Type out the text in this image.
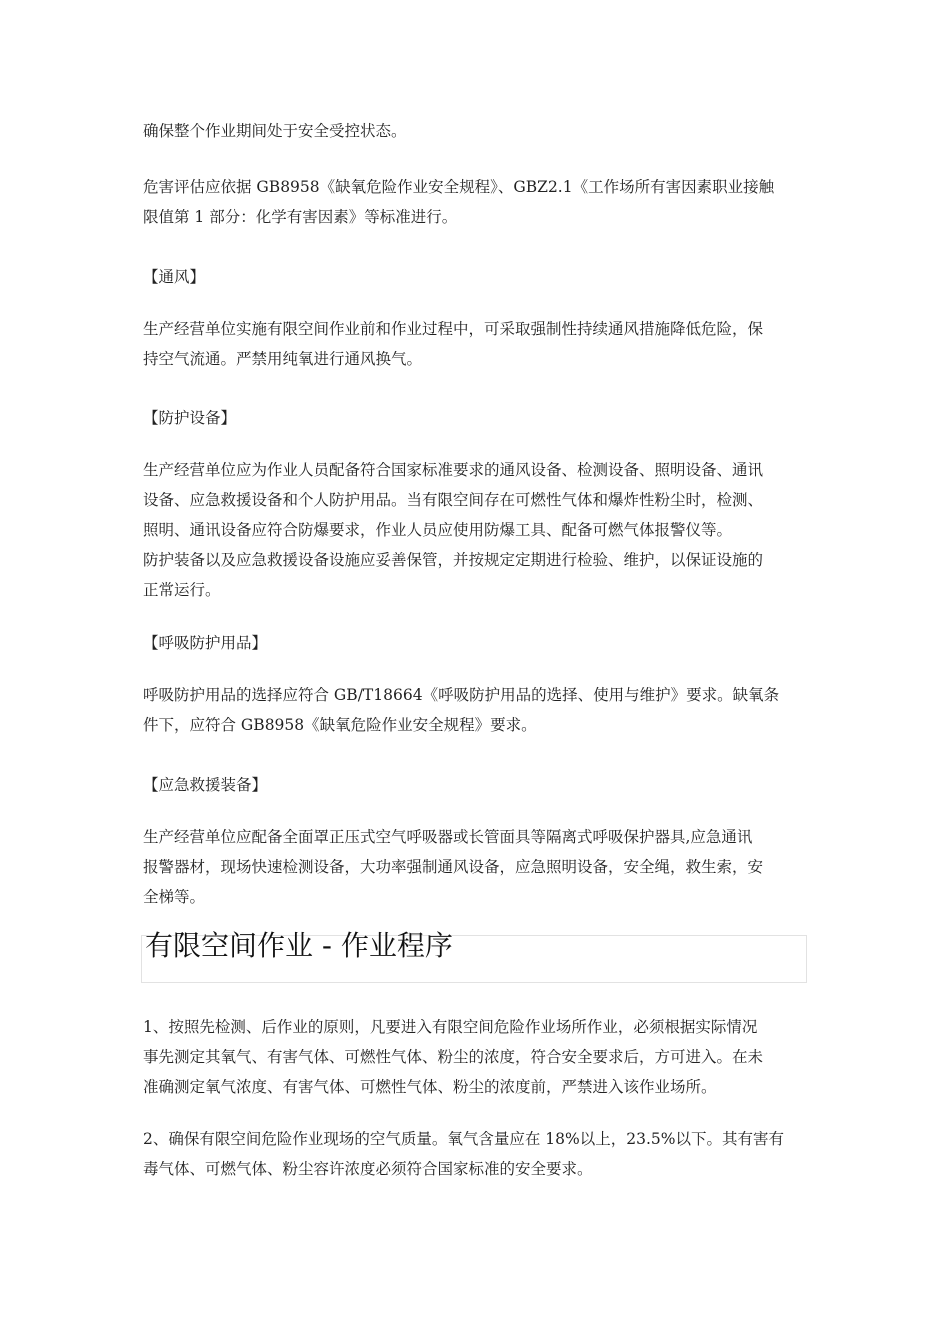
确保整个作业期间处于安全受控状态。
危害评估应依据 GB8958《缺氧危险作业安全规程》、GBZ2.1《工作场所有害因素职业接触
限值第 1 部分：化学有害因素》等标准进行。
【通风】
生产经营单位实施有限空间作业前和作业过程中，可采取强制性持续通风措施降低危险，保
持空气流通。严禁用纯氧进行通风换气。
【防护设备】
生产经营单位应为作业人员配备符合国家标准要求的通风设备、检测设备、照明设备、通讯
设备、应急救援设备和个人防护用品。当有限空间存在可燃性气体和爆炸性粉尘时，检测、
照明、通讯设备应符合防爆要求，作业人员应使用防爆工具、配备可燃气体报警仪等。
防护装备以及应急救援设备设施应妥善保管，并按规定定期进行检验、维护，以保证设施的
正常运行。
【呼吸防护用品】
呼吸防护用品的选择应符合 GB/T18664《呼吸防护用品的选择、使用与维护》要求。缺氧条
件下，应符合 GB8958《缺氧危险作业安全规程》要求。
【应急救援装备】
生产经营单位应配备全面罩正压式空气呼吸器或长管面具等隔离式呼吸保护器具,应急通讯
报警器材，现场快速检测设备，大功率强制通风设备，应急照明设备，安全绳，救生索，安
全梯等。
有限空间作业 - 作业程序
1、按照先检测、后作业的原则，凡要进入有限空间危险作业场所作业，必须根据实际情况
事先测定其氧气、有害气体、可燃性气体、粉尘的浓度，符合安全要求后，方可进入。在未
准确测定氧气浓度、有害气体、可燃性气体、粉尘的浓度前，严禁进入该作业场所。
2、确保有限空间危险作业现场的空气质量。氧气含量应在 18%以上，23.5%以下。其有害有
毒气体、可燃气体、粉尘容许浓度必须符合国家标准的安全要求。
